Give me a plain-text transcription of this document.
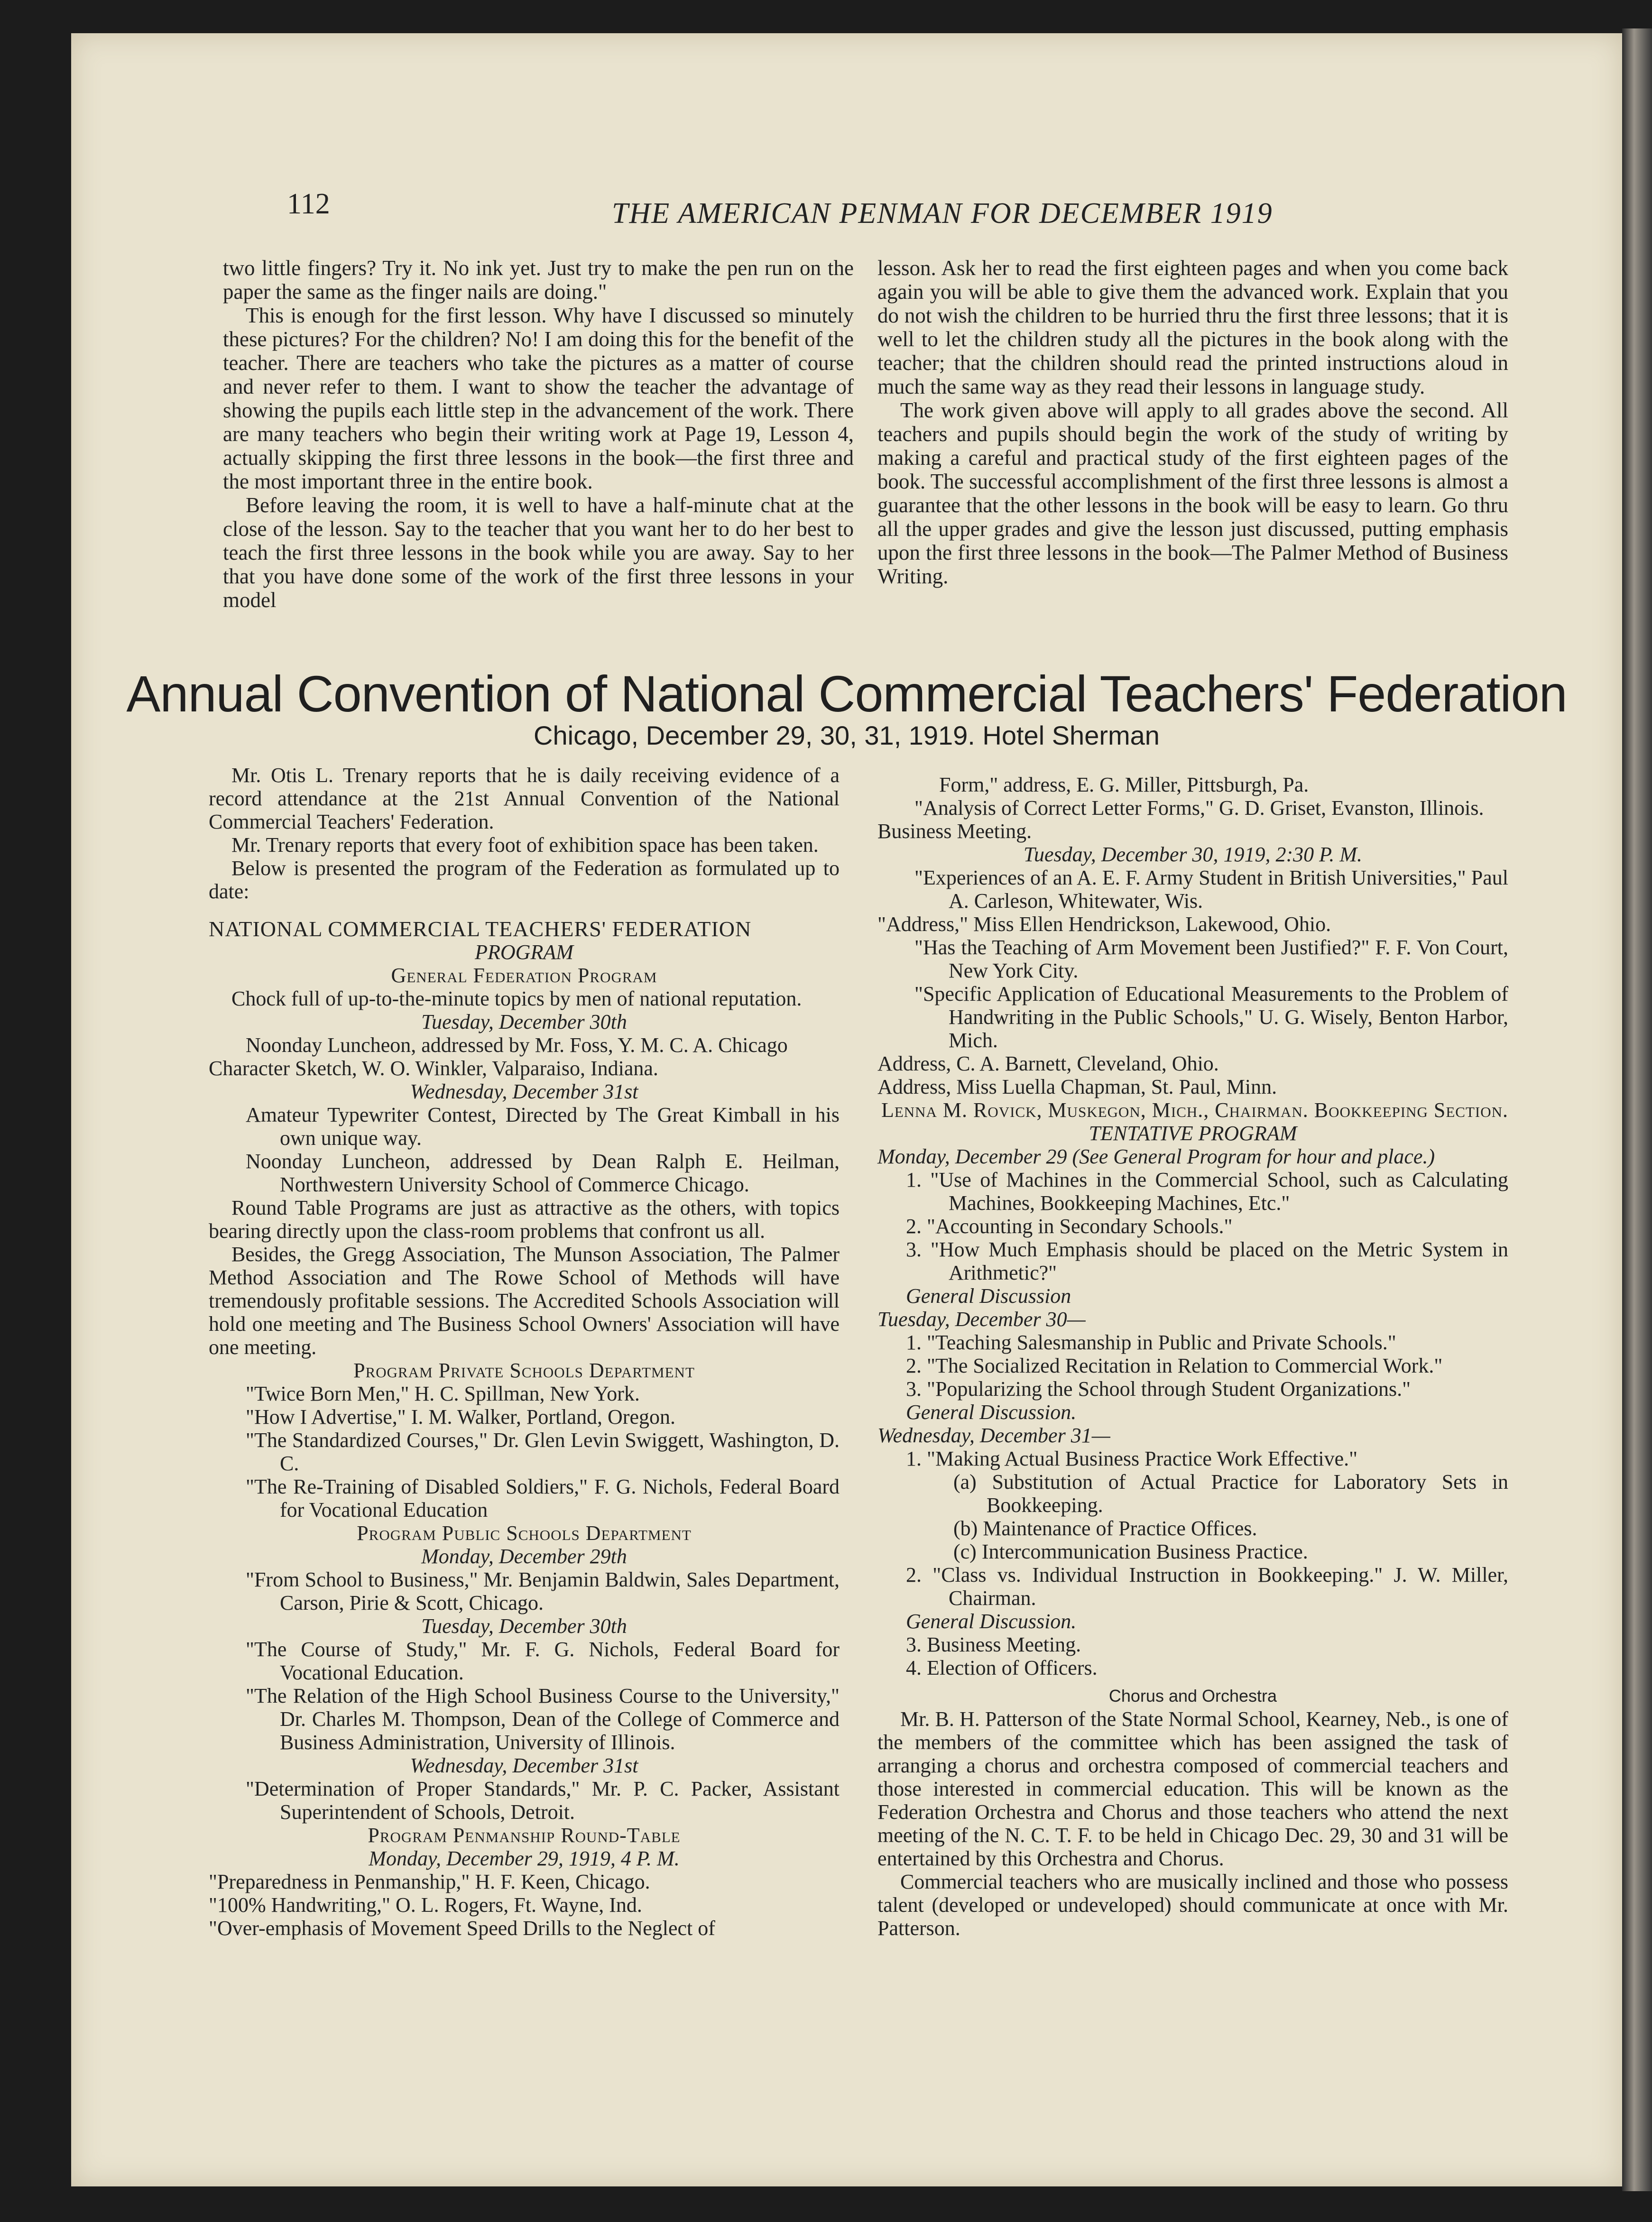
112	THE AMERICAN PENMAN FOR DECEMBER 1919

two little fingers? Try it. No ink yet. Just try to make the pen run on the paper the same as the finger nails are doing."

This is enough for the first lesson. Why have I discussed so minutely these pictures? For the children? No! I am doing this for the benefit of the teacher. There are teachers who take the pictures as a matter of course and never refer to them. I want to show the teacher the advantage of showing the pupils each little step in the advancement of the work. There are many teachers who begin their writing work at Page 19, Lesson 4, actually skipping the first three lessons in the book—the first three and the most important three in the entire book.

Before leaving the room, it is well to have a half-minute chat at the close of the lesson. Say to the teacher that you want her to do her best to teach the first three lessons in the book while you are away. Say to her that you have done some of the work of the first three lessons in your model

lesson. Ask her to read the first eighteen pages and when you come back again you will be able to give them the advanced work. Explain that you do not wish the children to be hurried thru the first three lessons; that it is well to let the children study all the pictures in the book along with the teacher; that the children should read the printed instructions aloud in much the same way as they read their lessons in language study.

The work given above will apply to all grades above the second. All teachers and pupils should begin the work of the study of writing by making a careful and practical study of the first eighteen pages of the book. The successful accomplishment of the first three lessons is almost a guarantee that the other lessons in the book will be easy to learn. Go thru all the upper grades and give the lesson just discussed, putting emphasis upon the first three lessons in the book—The Palmer Method of Business Writing.

Annual Convention of National Commercial Teachers' Federation
Chicago, December 29, 30, 31, 1919. Hotel Sherman

Mr. Otis L. Trenary reports that he is daily receiving evidence of a record attendance at the 21st Annual Convention of the National Commercial Teachers' Federation.

Mr. Trenary reports that every foot of exhibition space has been taken.

Below is presented the program of the Federation as formulated up to date:

NATIONAL COMMERCIAL TEACHERS' FEDERATION

PROGRAM

General Federation Program

Chock full of up-to-the-minute topics by men of national reputation.

Tuesday, December 30th

Noonday Luncheon, addressed by Mr. Foss, Y. M. C. A. Chicago

Character Sketch, W. O. Winkler, Valparaiso, Indiana.

Wednesday, December 31st

Amateur Typewriter Contest, Directed by The Great Kimball in his own unique way.

Noonday Luncheon, addressed by Dean Ralph E. Heilman, Northwestern University School of Commerce Chicago.

Round Table Programs are just as attractive as the others, with topics bearing directly upon the class-room problems that confront us all.

Besides, the Gregg Association, The Munson Association, The Palmer Method Association and The Rowe School of Methods will have tremendously profitable sessions. The Accredited Schools Association will hold one meeting and The Business School Owners' Association will have one meeting.

Program Private Schools Department

"Twice Born Men," H. C. Spillman, New York.

"How I Advertise," I. M. Walker, Portland, Oregon.

"The Standardized Courses," Dr. Glen Levin Swiggett, Washington, D. C.

"The Re-Training of Disabled Soldiers," F. G. Nichols, Federal Board for Vocational Education

Program Public Schools Department

Monday, December 29th

"From School to Business," Mr. Benjamin Baldwin, Sales Department, Carson, Pirie & Scott, Chicago.

Tuesday, December 30th

"The Course of Study," Mr. F. G. Nichols, Federal Board for Vocational Education.

"The Relation of the High School Business Course to the University," Dr. Charles M. Thompson, Dean of the College of Commerce and Business Administration, University of Illinois.

Wednesday, December 31st

"Determination of Proper Standards," Mr. P. C. Packer, Assistant Superintendent of Schools, Detroit.

Program Penmanship Round-Table

Monday, December 29, 1919, 4 P. M.

"Preparedness in Penmanship," H. F. Keen, Chicago.

"100% Handwriting," O. L. Rogers, Ft. Wayne, Ind.

"Over-emphasis of Movement Speed Drills to the Neglect of

Form," address, E. G. Miller, Pittsburgh, Pa.

"Analysis of Correct Letter Forms," G. D. Griset, Evanston, Illinois.

Business Meeting.

Tuesday, December 30, 1919, 2:30 P. M.

"Experiences of an A. E. F. Army Student in British Universities," Paul A. Carleson, Whitewater, Wis.

"Address," Miss Ellen Hendrickson, Lakewood, Ohio.

"Has the Teaching of Arm Movement been Justified?" F. F. Von Court, New York City.

"Specific Application of Educational Measurements to the Problem of Handwriting in the Public Schools," U. G. Wisely, Benton Harbor, Mich.

Address, C. A. Barnett, Cleveland, Ohio.

Address, Miss Luella Chapman, St. Paul, Minn.

Lenna M. Rovick, Muskegon, Mich., Chairman. Bookkeeping Section.

TENTATIVE PROGRAM

Monday, December 29 (See General Program for hour and place.)

1. "Use of Machines in the Commercial School, such as Calculating Machines, Bookkeeping Machines, Etc."

2. "Accounting in Secondary Schools."

3. "How Much Emphasis should be placed on the Metric System in Arithmetic?"

General Discussion

Tuesday, December 30—

1. "Teaching Salesmanship in Public and Private Schools."

2. "The Socialized Recitation in Relation to Commercial Work."

3. "Popularizing the School through Student Organizations."

General Discussion.

Wednesday, December 31—

1. "Making Actual Business Practice Work Effective."

(a) Substitution of Actual Practice for Laboratory Sets in Bookkeeping.

(b) Maintenance of Practice Offices.

(c) Intercommunication Business Practice.

2. "Class vs. Individual Instruction in Bookkeeping." J. W. Miller, Chairman.

General Discussion.

3. Business Meeting.

4. Election of Officers.

Chorus and Orchestra

Mr. B. H. Patterson of the State Normal School, Kearney, Neb., is one of the members of the committee which has been assigned the task of arranging a chorus and orchestra composed of commercial teachers and those interested in commercial education. This will be known as the Federation Orchestra and Chorus and those teachers who attend the next meeting of the N. C. T. F. to be held in Chicago Dec. 29, 30 and 31 will be entertained by this Orchestra and Chorus.

Commercial teachers who are musically inclined and those who possess talent (developed or undeveloped) should communicate at once with Mr. Patterson.
